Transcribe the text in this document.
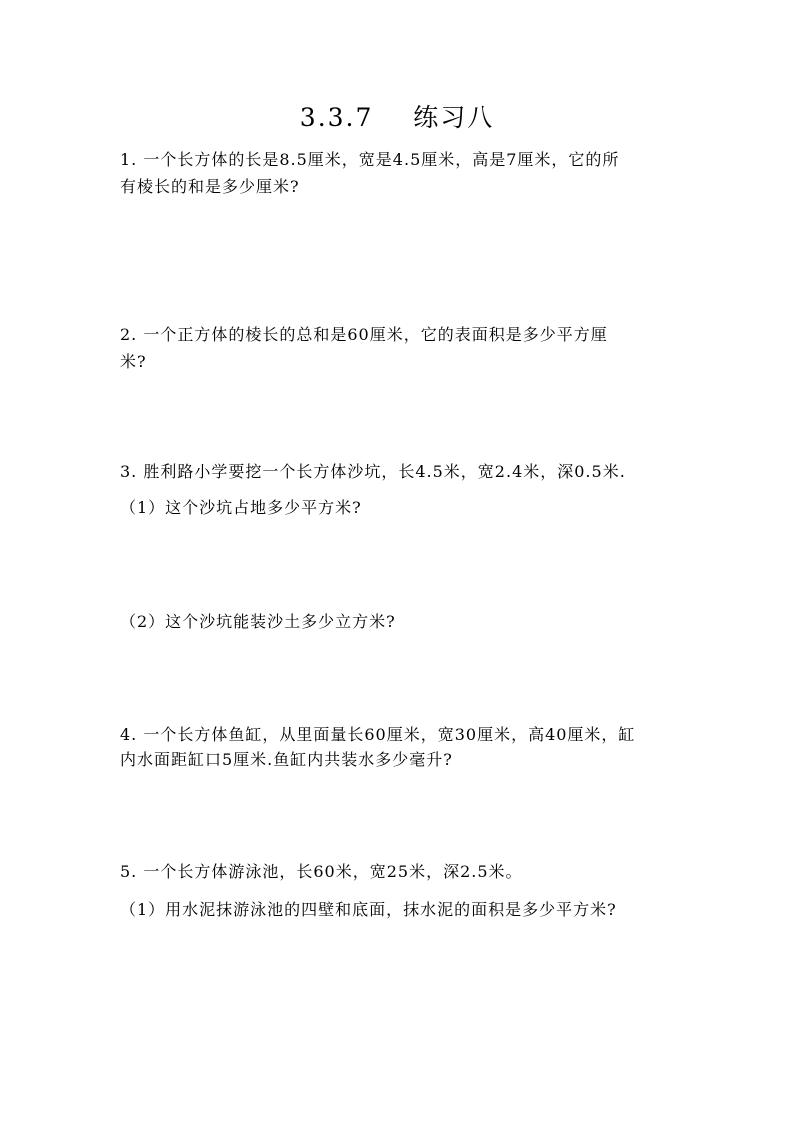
3.3.7    练习八
1. 一个长方体的长是8.5厘米，宽是4.5厘米，高是7厘米，它的所
有棱长的和是多少厘米?
2. 一个正方体的棱长的总和是60厘米，它的表面积是多少平方厘
米?
3. 胜利路小学要挖一个长方体沙坑，长4.5米，宽2.4米，深0.5米.
（1）这个沙坑占地多少平方米?
（2）这个沙坑能装沙土多少立方米?
4. 一个长方体鱼缸，从里面量长60厘米，宽30厘米，高40厘米，缸
内水面距缸口5厘米.鱼缸内共装水多少毫升?
5. 一个长方体游泳池，长60米，宽25米，深2.5米。
（1）用水泥抹游泳池的四壁和底面，抹水泥的面积是多少平方米?
